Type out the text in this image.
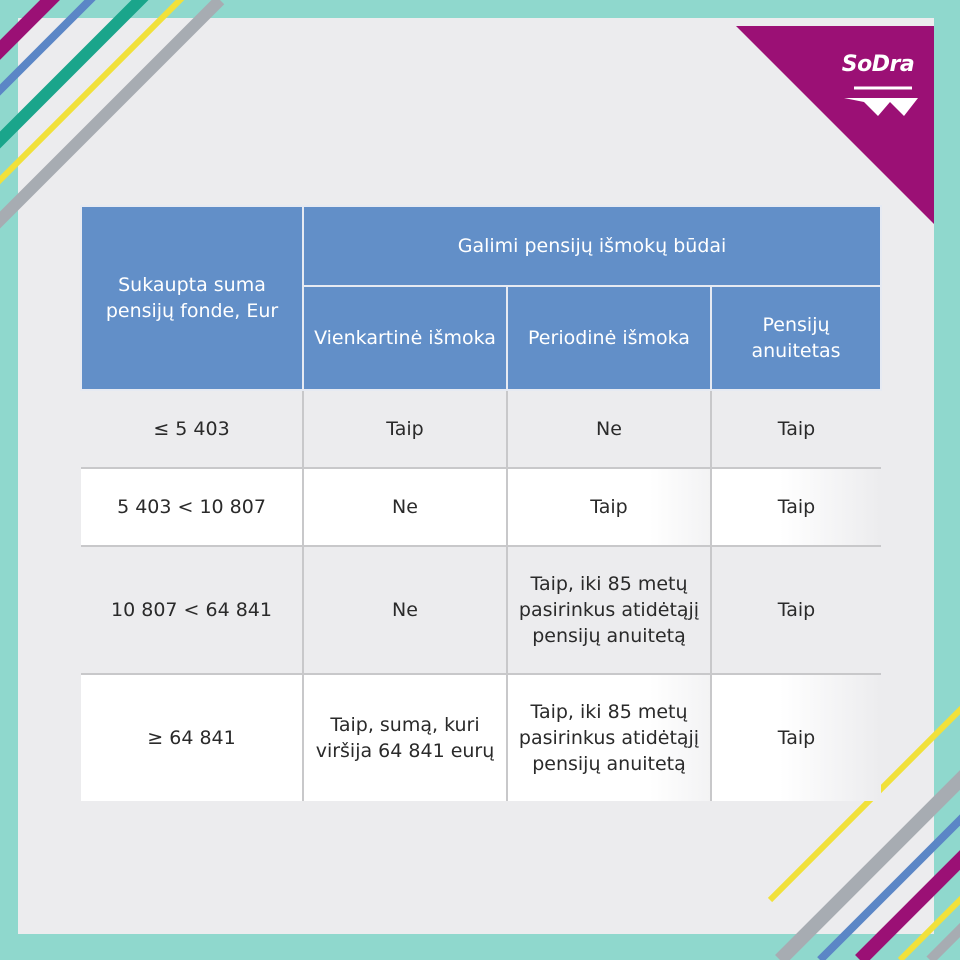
SoDra
Sukaupta suma pensijų fonde, Eur	Galimi pensijų išmokų būdai		
	Vienkartinė išmoka	Periodinė išmoka	Pensijų anuitetas
≤ 5 403	Taip	Ne	Taip
5 403 < 10 807	Ne	Taip	Taip
10 807 < 64 841	Ne	Taip, iki 85 metų pasirinkus atidėtąjį pensijų anuitetą	Taip
≥ 64 841	Taip, sumą, kuri viršija 64 841 eurų	Taip, iki 85 metų pasirinkus atidėtąjį pensijų anuitetą	Taip
